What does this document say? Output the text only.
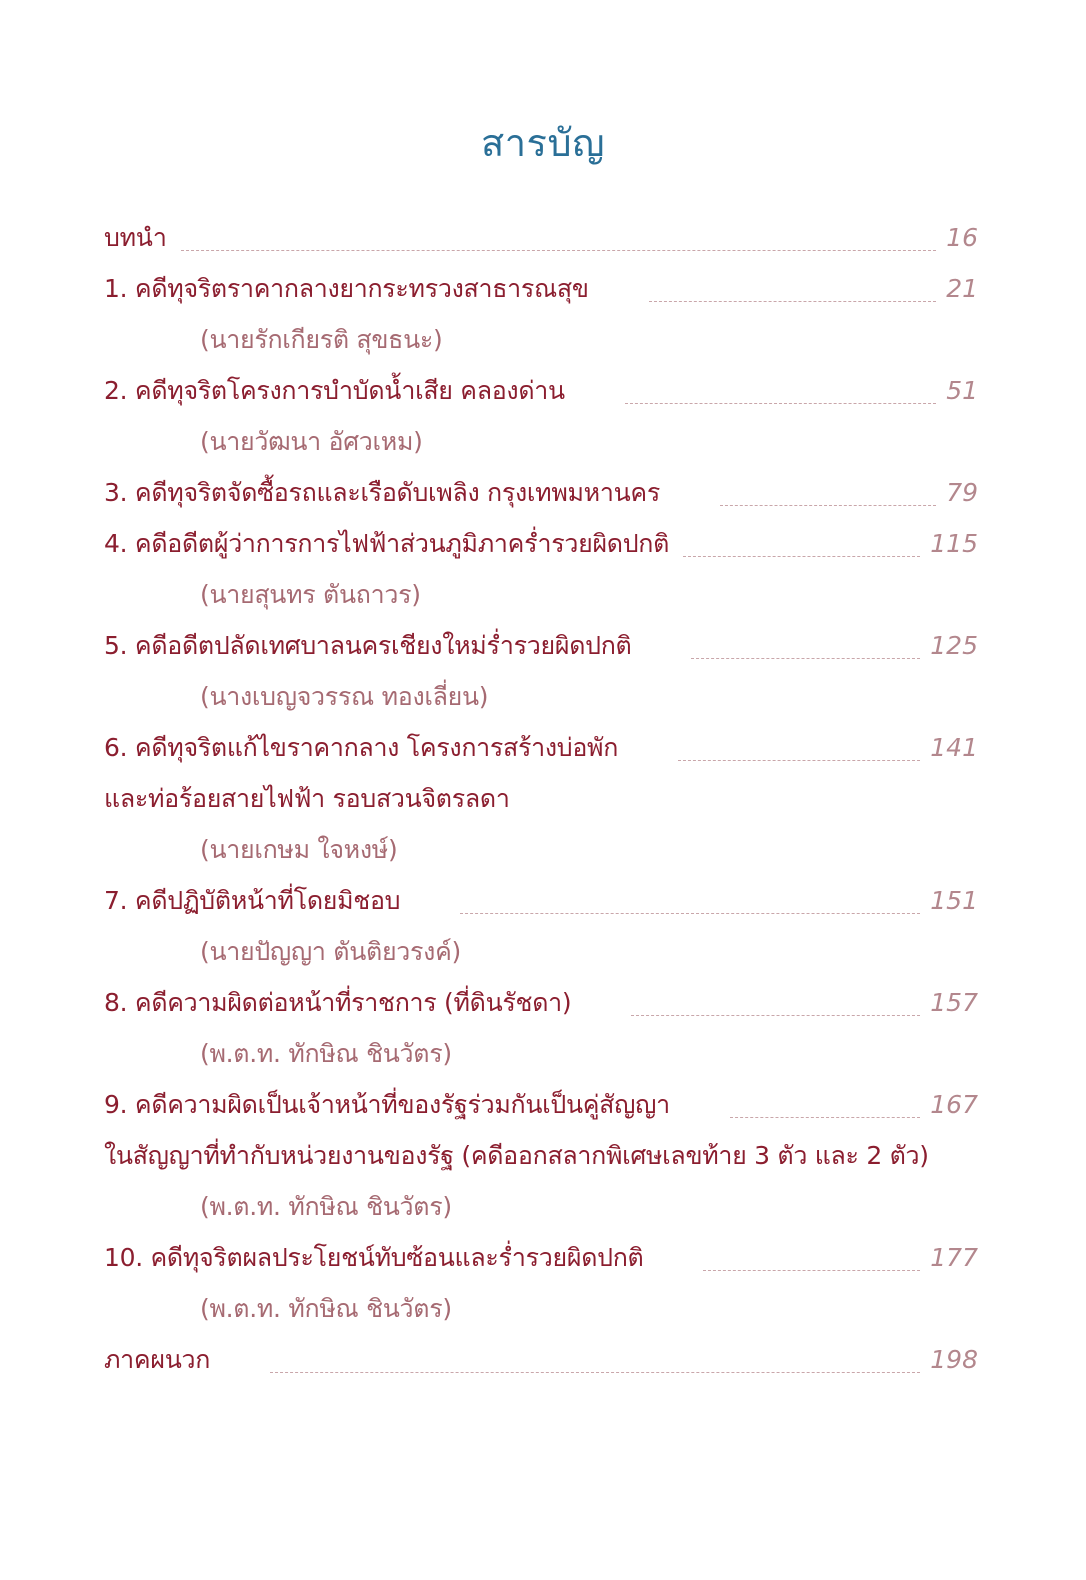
สารบัญ
บทนำ	16
1. คดีทุจริตราคากลางยากระทรวงสาธารณสุข	21
(นายรักเกียรติ สุขธนะ)
2. คดีทุจริตโครงการบำบัดน้ำเสีย คลองด่าน	51
(นายวัฒนา อัศวเหม)
3. คดีทุจริตจัดซื้อรถและเรือดับเพลิง กรุงเทพมหานคร	79
4. คดีอดีตผู้ว่าการการไฟฟ้าส่วนภูมิภาคร่ำรวยผิดปกติ	115
(นายสุนทร ตันถาวร)
5. คดีอดีตปลัดเทศบาลนครเชียงใหม่ร่ำรวยผิดปกติ	125
(นางเบญจวรรณ ทองเลี่ยน)
6. คดีทุจริตแก้ไขราคากลาง โครงการสร้างบ่อพัก	141
และท่อร้อยสายไฟฟ้า รอบสวนจิตรลดา
(นายเกษม ใจหงษ์)
7. คดีปฏิบัติหน้าที่โดยมิชอบ	151
(นายปัญญา ตันติยวรงค์)
8. คดีความผิดต่อหน้าที่ราชการ (ที่ดินรัชดา)	157
(พ.ต.ท. ทักษิณ ชินวัตร)
9. คดีความผิดเป็นเจ้าหน้าที่ของรัฐร่วมกันเป็นคู่สัญญา	167
ในสัญญาที่ทำกับหน่วยงานของรัฐ (คดีออกสลากพิเศษเลขท้าย 3 ตัว และ 2 ตัว)
(พ.ต.ท. ทักษิณ ชินวัตร)
10. คดีทุจริตผลประโยชน์ทับซ้อนและร่ำรวยผิดปกติ	177
(พ.ต.ท. ทักษิณ ชินวัตร)
ภาคผนวก	198
